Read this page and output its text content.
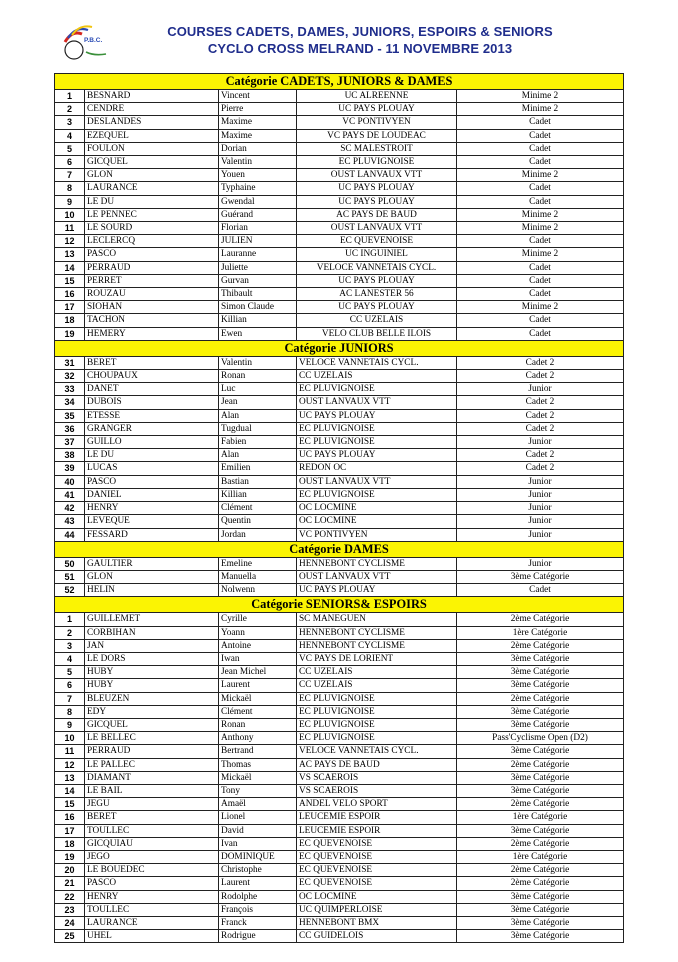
P.B.C.
COURSES CADETS, DAMES, JUNIORS, ESPOIRS & SENIORS
CYCLO CROSS MELRAND - 11 NOVEMBRE 2013
Catégorie CADETS, JUNIORS & DAMES				
1	BESNARD	Vincent	UC ALREENNE	Minime 2
2	CENDRE	Pierre	UC PAYS PLOUAY	Minime 2
3	DESLANDES	Maxime	VC PONTIVYEN	Cadet
4	EZEQUEL	Maxime	VC PAYS DE LOUDEAC	Cadet
5	FOULON	Dorian	SC MALESTROIT	Cadet
6	GICQUEL	Valentin	EC PLUVIGNOISE	Cadet
7	GLON	Youen	OUST LANVAUX VTT	Minime 2
8	LAURANCE	Typhaine	UC PAYS PLOUAY	Cadet
9	LE DU	Gwendal	UC PAYS PLOUAY	Cadet
10	LE PENNEC	Guérand	AC PAYS DE BAUD	Minime 2
11	LE SOURD	Florian	OUST LANVAUX VTT	Minime 2
12	LECLERCQ	JULIEN	EC QUEVENOISE	Cadet
13	PASCO	Lauranne	UC INGUINIEL	Minime 2
14	PERRAUD	Juliette	VELOCE VANNETAIS CYCL.	Cadet
15	PERRET	Gurvan	UC PAYS PLOUAY	Cadet
16	ROUZAU	Thibault	AC LANESTER 56	Cadet
17	SIOHAN	Simon Claude	UC PAYS PLOUAY	Minime 2
18	TACHON	Killian	CC UZELAIS	Cadet
19	HEMERY	Ewen	VELO CLUB BELLE ILOIS	Cadet
Catégorie JUNIORS				
31	BERET	Valentin	VELOCE VANNETAIS CYCL.	Cadet 2
32	CHOUPAUX	Ronan	CC UZELAIS	Cadet 2
33	DANET	Luc	EC PLUVIGNOISE	Junior
34	DUBOIS	Jean	OUST LANVAUX VTT	Cadet 2
35	ETESSE	Alan	UC PAYS PLOUAY	Cadet 2
36	GRANGER	Tugdual	EC PLUVIGNOISE	Cadet 2
37	GUILLO	Fabien	EC PLUVIGNOISE	Junior
38	LE DU	Alan	UC PAYS PLOUAY	Cadet 2
39	LUCAS	Emilien	REDON OC	Cadet 2
40	PASCO	Bastian	OUST LANVAUX VTT	Junior
41	DANIEL	Killian	EC PLUVIGNOISE	Junior
42	HENRY	Clément	OC LOCMINE	Junior
43	LEVEQUE	Quentin	OC LOCMINE	Junior
44	FESSARD	Jordan	VC PONTIVYEN	Junior
Catégorie DAMES				
50	GAULTIER	Emeline	HENNEBONT CYCLISME	Junior
51	GLON	Manuella	OUST LANVAUX VTT	3ème Catégorie
52	HELIN	Nolwenn	UC PAYS PLOUAY	Cadet
Catégorie SENIORS& ESPOIRS				
1	GUILLEMET	Cyrille	SC MANEGUEN	2ème Catégorie
2	CORBIHAN	Yoann	HENNEBONT CYCLISME	1ère Catégorie
3	JAN	Antoine	HENNEBONT CYCLISME	2ème Catégorie
4	LE DORS	Iwan	VC PAYS DE LORIENT	3ème Catégorie
5	HUBY	Jean Michel	CC UZELAIS	3ème Catégorie
6	HUBY	Laurent	CC UZELAIS	3ème Catégorie
7	BLEUZEN	Mickaël	EC PLUVIGNOISE	2ème Catégorie
8	EDY	Clément	EC PLUVIGNOISE	3ème Catégorie
9	GICQUEL	Ronan	EC PLUVIGNOISE	3ème Catégorie
10	LE BELLEC	Anthony	EC PLUVIGNOISE	Pass'Cyclisme Open (D2)
11	PERRAUD	Bertrand	VELOCE VANNETAIS CYCL.	3ème Catégorie
12	LE PALLEC	Thomas	AC PAYS DE BAUD	2ème Catégorie
13	DIAMANT	Mickaël	VS SCAEROIS	3ème Catégorie
14	LE BAIL	Tony	VS SCAEROIS	3ème Catégorie
15	JEGU	Amaël	ANDEL VELO SPORT	2ème Catégorie
16	BERET	Lionel	LEUCEMIE ESPOIR	1ère Catégorie
17	TOULLEC	David	LEUCEMIE ESPOIR	3ème Catégorie
18	GICQUIAU	Ivan	EC QUEVENOISE	2ème Catégorie
19	JEGO	DOMINIQUE	EC QUEVENOISE	1ère Catégorie
20	LE BOUEDEC	Christophe	EC QUEVENOISE	2ème Catégorie
21	PASCO	Laurent	EC QUEVENOISE	2ème Catégorie
22	HENRY	Rodolphe	OC LOCMINE	3ème Catégorie
23	TOULLEC	François	UC QUIMPERLOISE	3ème Catégorie
24	LAURANCE	Franck	HENNEBONT BMX	3ème Catégorie
25	UHEL	Rodrigue	CC GUIDELOIS	3ème Catégorie
